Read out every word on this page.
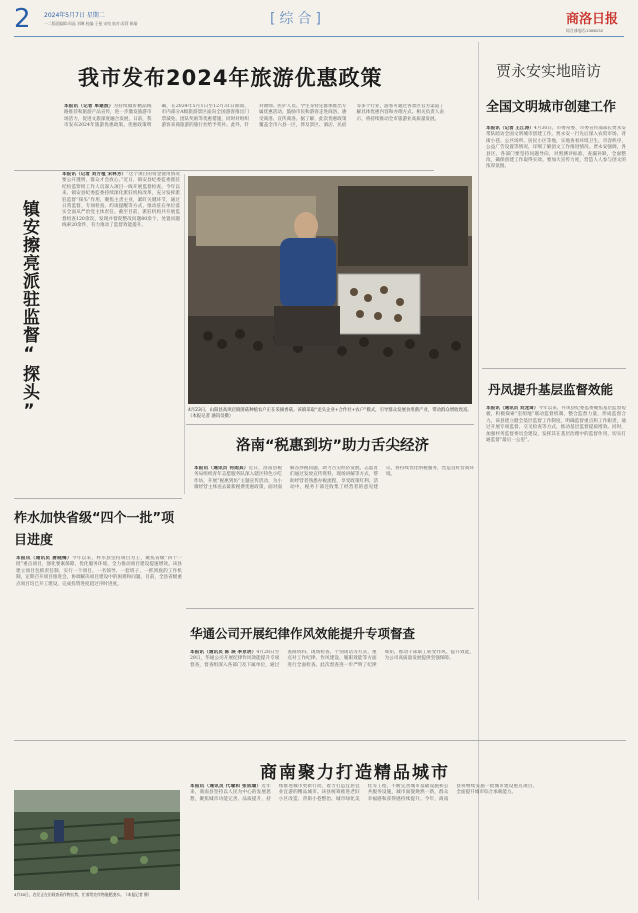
2 2024年5月7日 星期二
一二版面编辑:周晶 刘琳 校编:王曼 宋纯 航对:雷莉 赖瑜	[综合]	商洛日报
综合部电话:2386252
我市发布2024年旅游优惠政策
本报讯（记者 单建波）为持续做好精品线路推荐和旅游产品宣传，进一步激发旅游市场活力，促进文旅深度融合发展，日前，我市发布2024年旅游优惠政策。优惠政策明确，在2024年5月1日至12月31日期间，市内部分A级旅游景区面向全国游客推出门票减免、团队奖励等优惠措施，同时对组织游客来商旅游的旅行社给予奖补。此外，针对教师、医护人员、学生等特定群体推出专属优惠活动，鼓励市民和游客走进商洛、感受商洛、宣传商洛。据了解，此次优惠政策覆盖全市六县一区，涉及景区、酒店、民宿等多个行业，游客可通过各景区官方渠道了解具体优惠内容和办理方式。相关负责人表示，将持续推动全市旅游业高质量发展。
镇安擦亮派驻监督“探头”
本报讯（记者 刘方植 宋林芳）“这个项目的资金使用情况要公开透明，群众才会放心。”近日，镇安县纪委监委派驻纪检监察组工作人员深入项目一线开展监督检查。今年以来，镇安县纪委监委持续深化派驻机构改革，充分发挥派驻监督“探头”作用，聚焦主责主业，紧盯关键环节，通过日常监督、专项检查、约谈提醒等方式，推动驻在单位落实全面从严治党主体责任。截至目前，派驻机构共开展监督检查120余次，发现并督促整改问题80余个，处置问题线索20余件，有力推动了监督效能提升。
4月23日，山阳县高坝店镇菌菇种植农户正在采摘香菇。该镇采取“龙头企业+合作社+农户”模式，引导群众发展食用菌产业，带动群众增收致富。（本报记者 通讯员摄）
贾永安实地暗访
全国文明城市创建工作
本报讯（记者 王江涛）4月30日，市委常委、市委宣传部部长贾永安带队暗访全国文明城市创建工作。贾永安一行先后深入农贸市场、背街小巷、公共场所、居民小区等地，实地查看环境卫生、市容秩序、公益广告设置等情况，详细了解创文工作推进情况。贾永安强调，各县区、各部门要坚持问题导向，对照测评标准，查漏补缺，全面整改，确保创建工作取得实效。要加大宣传力度，营造人人参与创文的浓厚氛围。
丹凤提升基层监督效能
本报讯（通讯员 刘龙琦）今年以来，丹凤县纪委监委聚焦基层监督短板，积极探索“室组地”联动监督机制，整合监督力量，形成监督合力。该县建立健全基层监督工作制度，明确监督重点和工作职责，通过开展专项监督、交叉检查等方式，推动基层监督提质增效。同时，加强村务监督委员会建设，发挥其在基层治理中的监督作用，切实打通监督“最后一公里”。
洛南“税惠到坊”助力舌尖经济
本报讯（通讯员 何雨其）近日，洛南县税务局组织青年志愿服务队深入辖区特色小吃作坊，开展“税惠到坊”主题宣传活动，为小微经营主体送去最新税费优惠政策，面对面解答涉税问题，助力舌尖经济发展。志愿者们通过发放宣传资料、现场讲解等方式，帮助经营者熟悉办税流程，享受政策红利。活动中，税务干部还收集了经营者的意见建议，将持续优化纳税服务，营造良好营商环境。
柞水加快省级“四个一批”项目进度
本报讯（通讯员 唐晓梅）今年以来，柞水县坚持项目为王，聚焦省级“四个一批”重点项目，强化要素保障，优化服务环境，全力推动项目建设提速增效。该县建立项目包抓责任制，实行一个项目、一名领导、一套班子、一抓到底的工作机制，定期召开项目推进会，协调解决项目建设中的困难和问题。目前，全县省级重点项目均已开工建设，完成投资进度超过序时进度。
华通公司开展纪律作风效能提升专项督查
本报讯（通讯员 陈 瑛 李京玥）4月28日至29日，华通公司开展纪律作风效能提升专项督查，督查组深入各部门及下属单位，通过查阅资料、现场检查、个别谈话等方式，重点对工作纪律、作风建设、履职效能等方面进行全面检查。此次督查进一步严明了纪律规矩，推动干部职工转变作风、提升效能，为公司高质量发展提供坚强保障。
商南聚力打造精品城市
4月30日，农民正在田间查看作物长势，忙着给农作物施肥浇水。（本报记者 摄）
本报讯（通讯员 代瑜和 张成瑜）近年来，商南县坚持以人民为中心的发展思想，聚焦城市功能完善、品质提升，持续推进城市更新行动，着力打造宜居宜业宜游的精品城市。该县统筹推进老旧小区改造、背街小巷整治、城市绿化美化等工程，不断完善城市基础设施和公共服务设施，城市面貌焕然一新，群众幸福感和获得感持续提升。今年，商南县将继续实施一批城市建设重点项目，全面提升城市综合承载能力。
